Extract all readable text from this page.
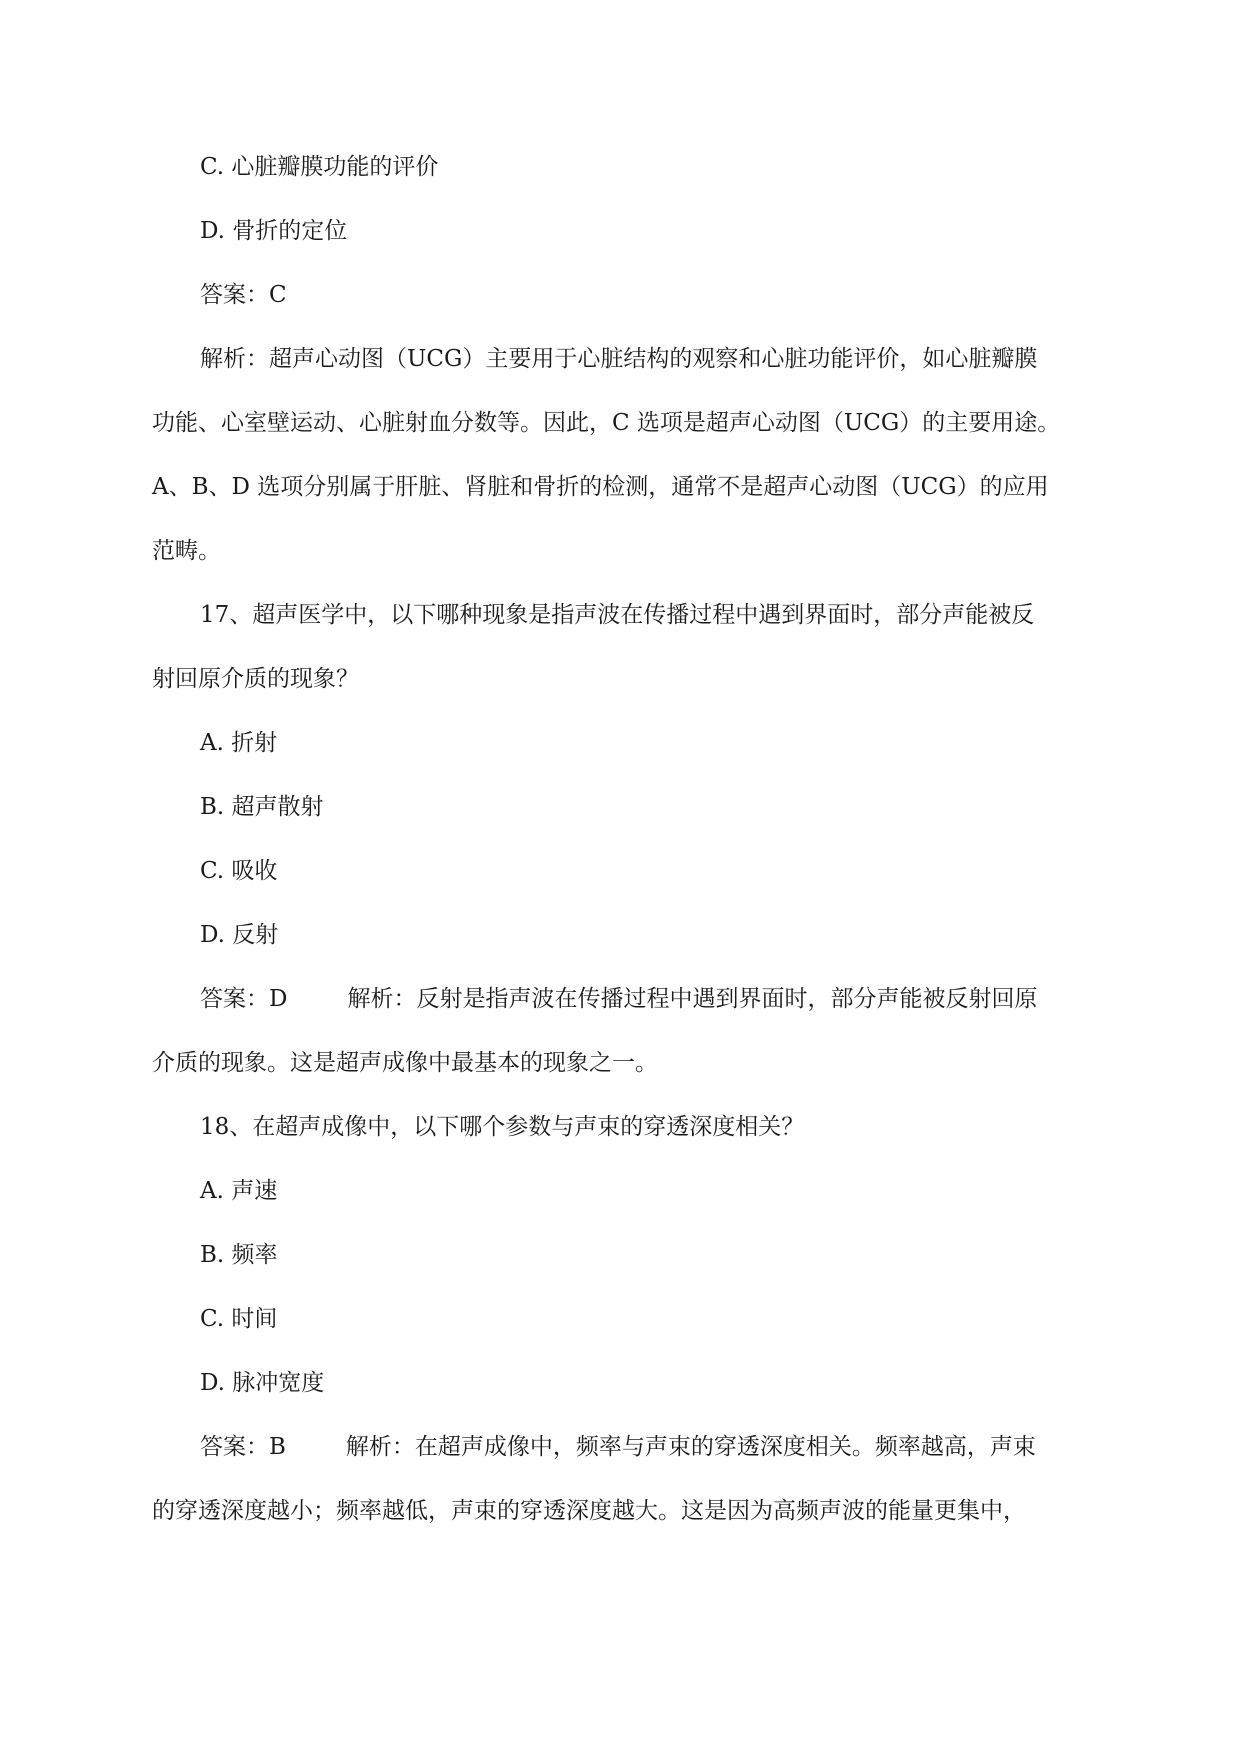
C. 心脏瓣膜功能的评价
D. 骨折的定位
答案：C
解析：超声心动图（UCG）主要用于心脏结构的观察和心脏功能评价，如心脏瓣膜
功能、心室壁运动、心脏射血分数等。因此，C 选项是超声心动图（UCG）的主要用途。
A、B、D 选项分别属于肝脏、肾脏和骨折的检测，通常不是超声心动图（UCG）的应用
范畴。
17、超声医学中，以下哪种现象是指声波在传播过程中遇到界面时，部分声能被反
射回原介质的现象？
A. 折射
B. 超声散射
C. 吸收
D. 反射
答案：D	解析：反射是指声波在传播过程中遇到界面时，部分声能被反射回原
介质的现象。这是超声成像中最基本的现象之一。
18、在超声成像中，以下哪个参数与声束的穿透深度相关？
A. 声速
B. 频率
C. 时间
D. 脉冲宽度
答案：B	解析：在超声成像中，频率与声束的穿透深度相关。频率越高，声束
的穿透深度越小；频率越低，声束的穿透深度越大。这是因为高频声波的能量更集中，
